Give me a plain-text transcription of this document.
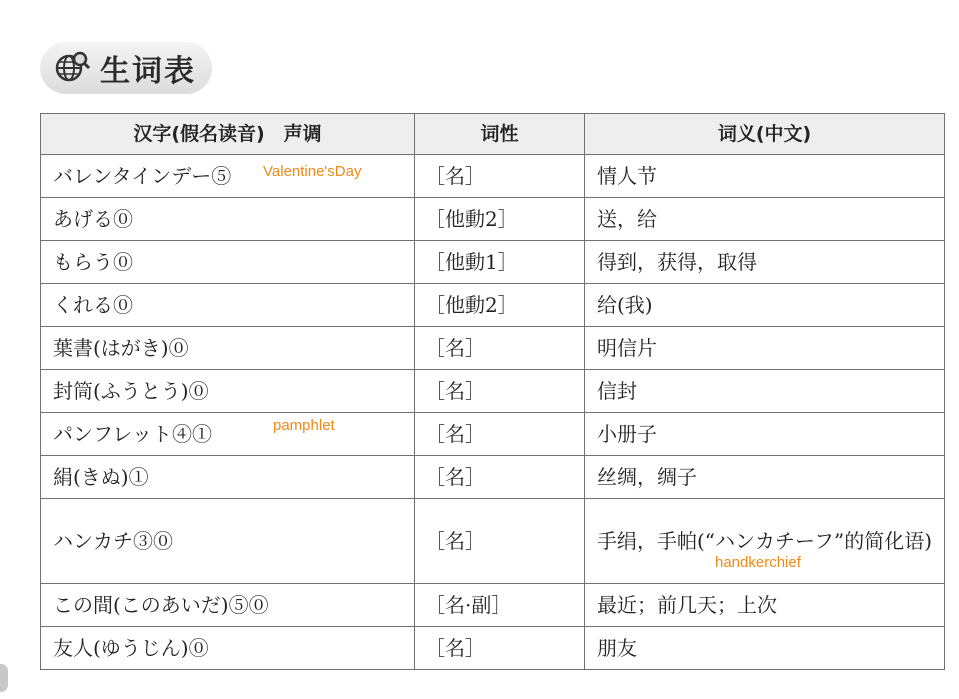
生词表
汉字(假名读音)　声调	词性	词义(中文)
バレンタインデー⑤ Valentine'sDay	［名］	情人节
あげる⓪	［他動2］	送，给
もらう⓪	［他動1］	得到，获得，取得
くれる⓪	［他動2］	给(我)
葉書(はがき)⓪	［名］	明信片
封筒(ふうとう)⓪	［名］	信封
パンフレット④① pamphlet	［名］	小册子
絹(きぬ)①	［名］	丝绸，绸子
ハンカチ③⓪	［名］	手绢，手帕(“ハンカチーフ”的简化语)
handkerchief

この間(このあいだ)⑤⓪	［名·副］	最近；前几天；上次
友人(ゆうじん)⓪	［名］	朋友
